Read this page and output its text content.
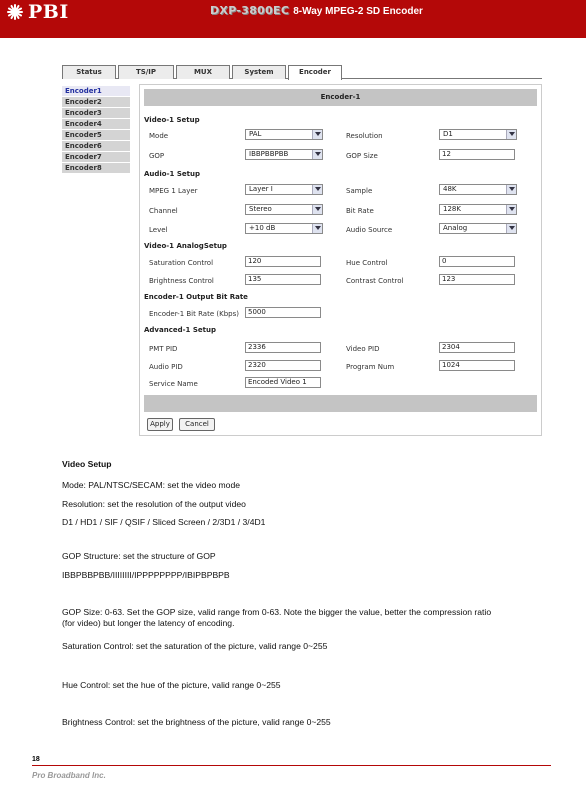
PBI	DXP-3800EC 8-Way MPEG-2 SD Encoder
Status	TS/IP	MUX	System	Encoder
Encoder1
Encoder2
Encoder3
Encoder4
Encoder5
Encoder6
Encoder7
Encoder8
Encoder-1
Video-1 Setup
Mode	PAL	Resolution	D1
GOP	IBBPBBPBB	GOP Size	12
Audio-1 Setup
MPEG 1 Layer	Layer I	Sample	48K
Channel	Stereo	Bit Rate	128K
Level	+10 dB	Audio Source	Analog
Video-1 AnalogSetup
Saturation Control	120	Hue Control	0
Brightness Control	135	Contrast Control	123
Encoder-1 Output Bit Rate
Encoder-1 Bit Rate (Kbps)	5000
Advanced-1 Setup
PMT PID	2336	Video PID	2304
Audio PID	2320	Program Num	1024
Service Name	Encoded Video 1
Apply	Cancel
Video Setup
Mode: PAL/NTSC/SECAM: set the video mode
Resolution: set the resolution of the output video
D1 / HD1 / SIF / QSIF / Sliced Screen / 2/3D1 / 3/4D1
GOP Structure: set the structure of GOP
IBBPBBPBB/IIIIIIII/IPPPPPPPP/IBIPBPBPB
GOP Size: 0-63. Set the GOP size, valid range from 0-63. Note the bigger the value, better the compression ratio (for video) but longer the latency of encoding.
Saturation Control: set the saturation of the picture, valid range 0~255
Hue Control: set the hue of the picture, valid range 0~255
Brightness Control: set the brightness of the picture, valid range 0~255
18
Pro Broadband Inc.
